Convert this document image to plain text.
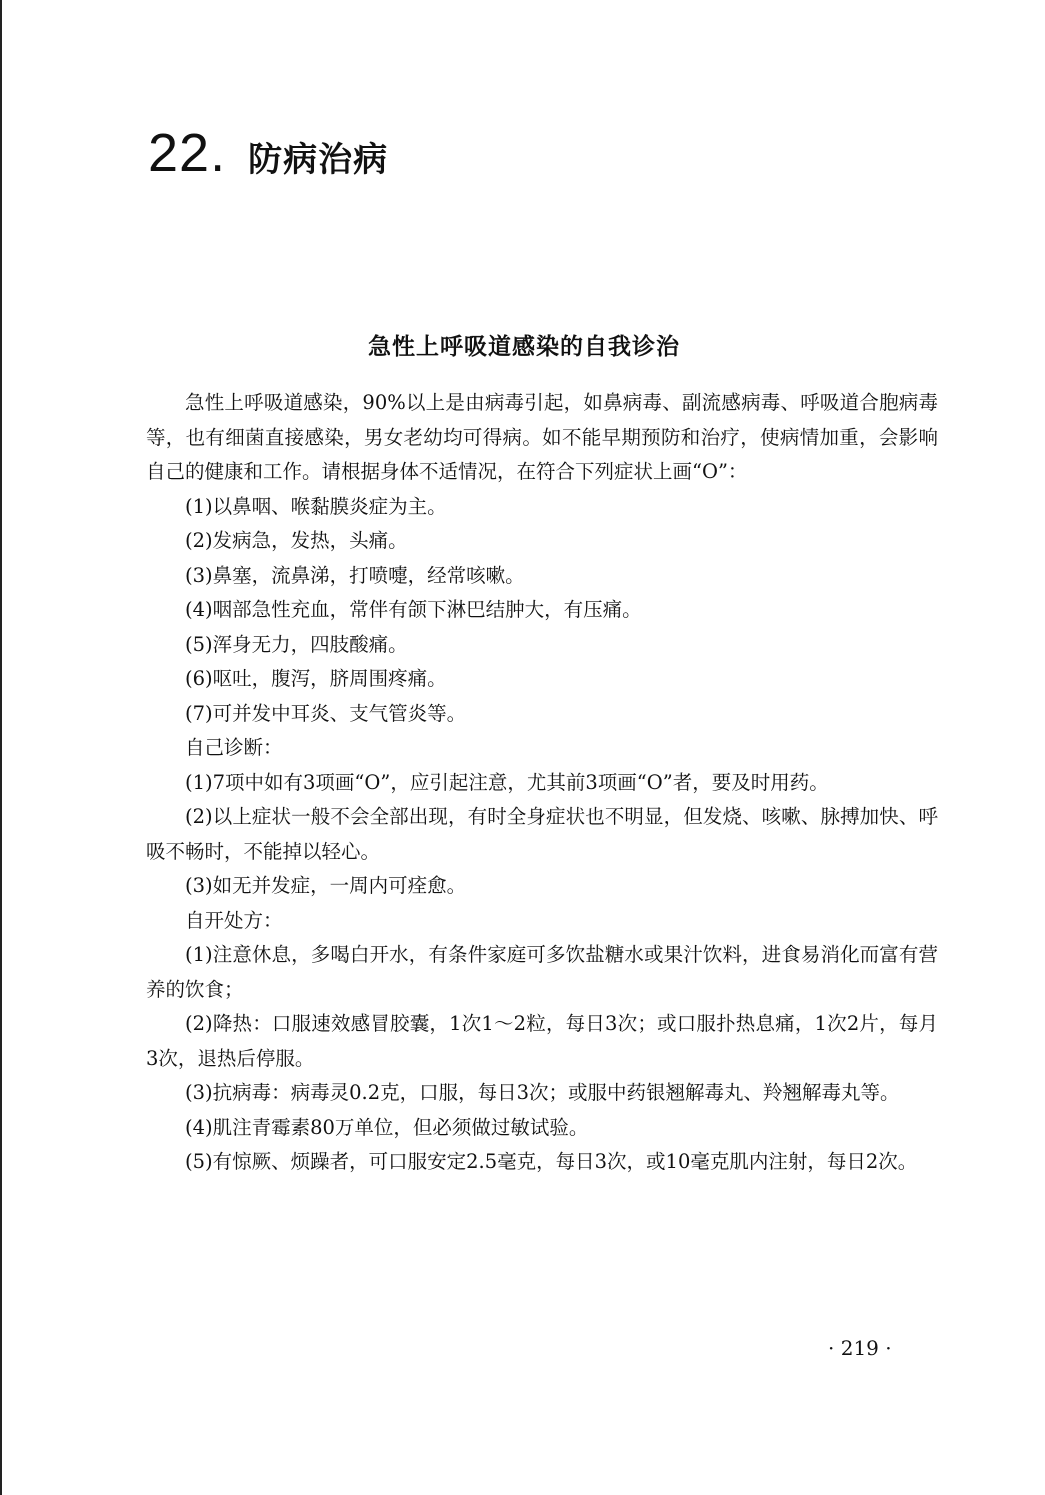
22. 防病治病
急性上呼吸道感染的自我诊治

急性上呼吸道感染，90%以上是由病毒引起，如鼻病毒、副流感病毒、呼吸道合胞病毒等，也有细菌直接感染，男女老幼均可得病。如不能早期预防和治疗，使病情加重，会影响自己的健康和工作。请根据身体不适情况，在符合下列症状上画“O”：

(1)以鼻咽、喉黏膜炎症为主。

(2)发病急，发热，头痛。

(3)鼻塞，流鼻涕，打喷嚏，经常咳嗽。

(4)咽部急性充血，常伴有颌下淋巴结肿大，有压痛。

(5)浑身无力，四肢酸痛。

(6)呕吐，腹泻，脐周围疼痛。

(7)可并发中耳炎、支气管炎等。

自己诊断：

(1)7项中如有3项画“O”，应引起注意，尤其前3项画“O”者，要及时用药。

(2)以上症状一般不会全部出现，有时全身症状也不明显，但发烧、咳嗽、脉搏加快、呼吸不畅时，不能掉以轻心。

(3)如无并发症，一周内可痊愈。

自开处方：

(1)注意休息，多喝白开水，有条件家庭可多饮盐糖水或果汁饮料，进食易消化而富有营养的饮食；

(2)降热：口服速效感冒胶囊，1次1～2粒，每日3次；或口服扑热息痛，1次2片，每月3次，退热后停服。

(3)抗病毒：病毒灵0.2克，口服，每日3次；或服中药银翘解毒丸、羚翘解毒丸等。

(4)肌注青霉素80万单位，但必须做过敏试验。

(5)有惊厥、烦躁者，可口服安定2.5毫克，每日3次，或10毫克肌内注射，每日2次。

· 219 ·
